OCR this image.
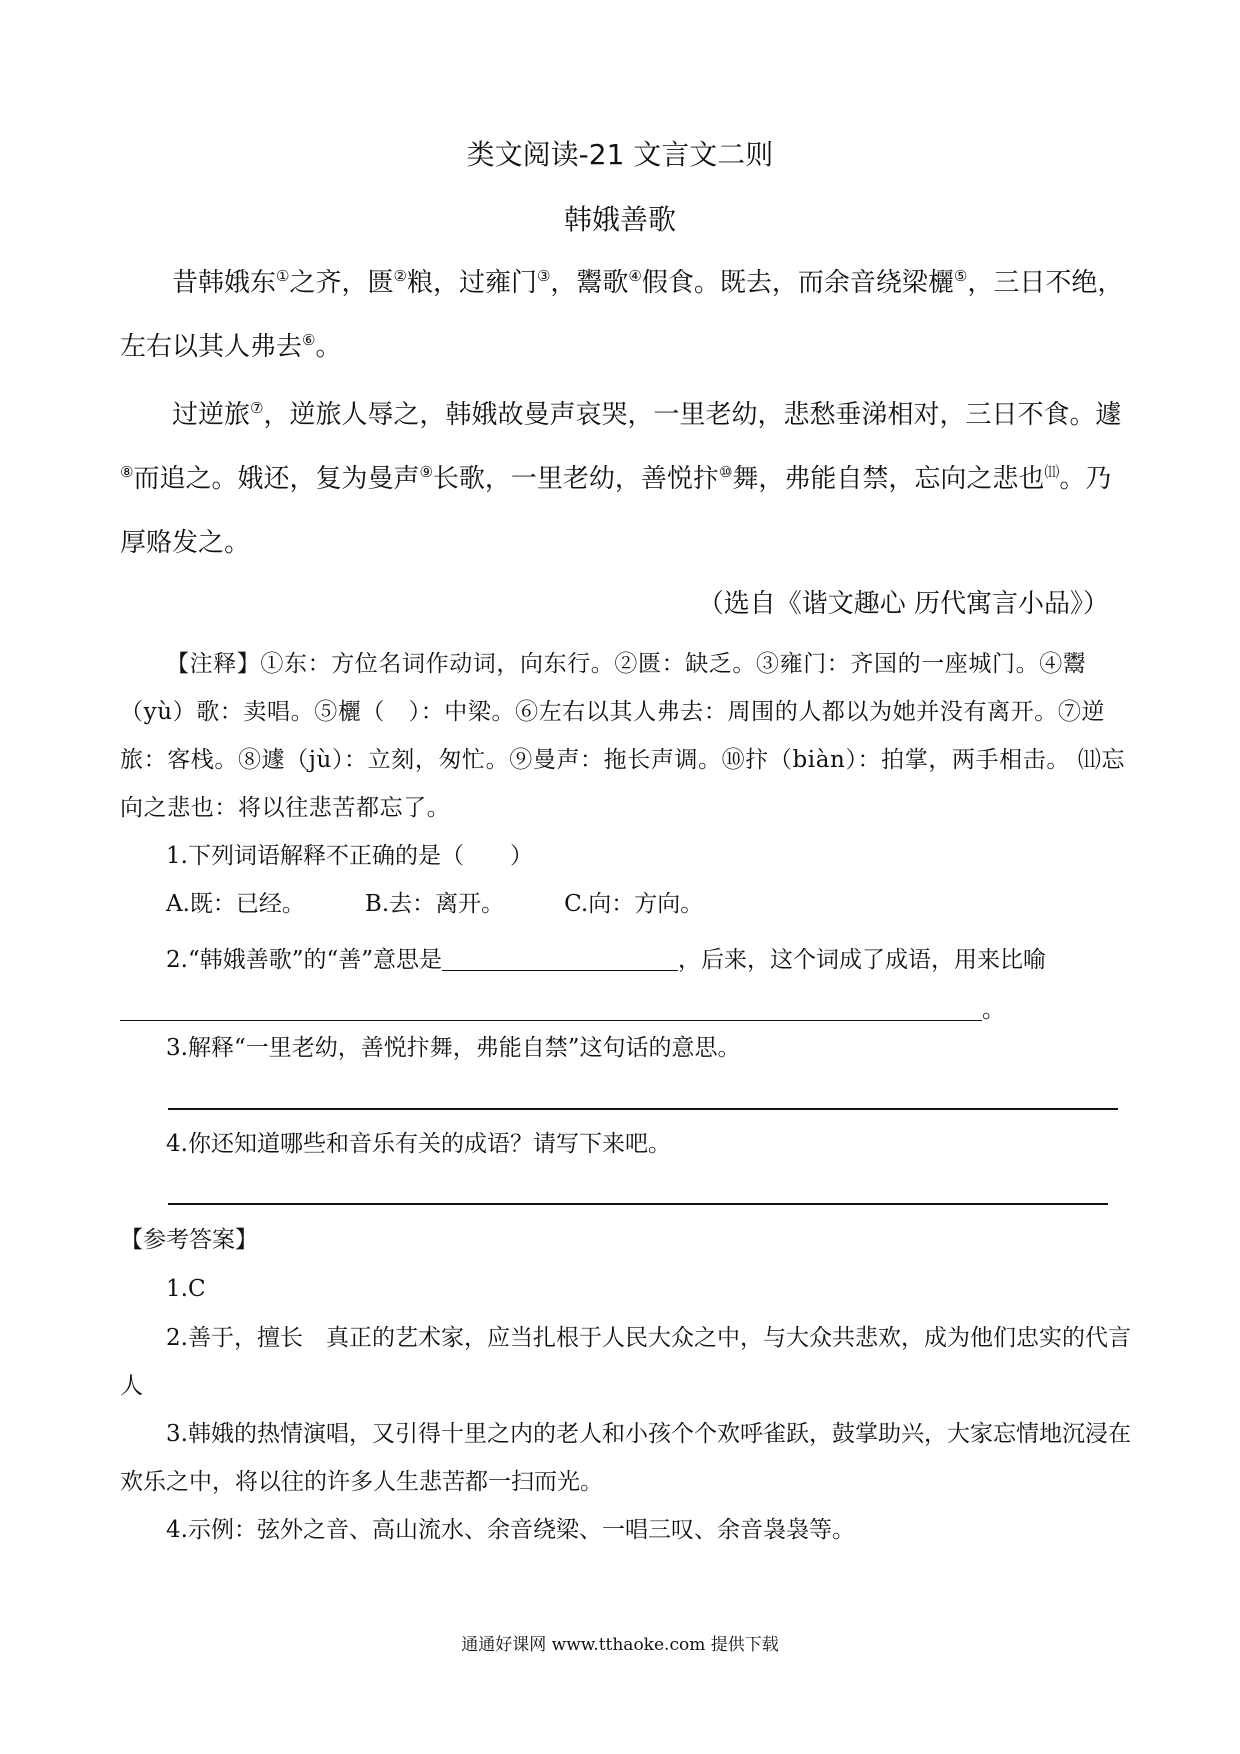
类文阅读-21 文言文二则
韩娥善歌

昔韩娥东①之齐，匮②粮，过雍门③，鬻歌④假食。既去，而余音绕梁欐⑤，三日不绝，左右以其人弗去⑥。

过逆旅⑦，逆旅人辱之，韩娥故曼声哀哭，一里老幼，悲愁垂涕相对，三日不食。遽⑧而追之。娥还，复为曼声⑨长歌，一里老幼，善悦抃⑩舞，弗能自禁，忘向之悲也⑾。乃厚赂发之。

（选自《谐文趣心 历代寓言小品》）

【注释】①东：方位名词作动词，向东行。②匮：缺乏。③雍门：齐国的一座城门。④鬻（yù）歌：卖唱。⑤欐（　）：中梁。⑥左右以其人弗去：周围的人都以为她并没有离开。⑦逆旅：客栈。⑧遽（jù）：立刻，匆忙。⑨曼声：拖长声调。⑩抃（biàn）：拍掌，两手相击。 ⑾忘向之悲也：将以往悲苦都忘了。

1.下列词语解释不正确的是（　　）
A.既：已经。	B.去：离开。	C.向：方向。

2.“韩娥善歌”的“善”意思是	，后来，这个词成了成语，用来比喻。

3.解释“一里老幼，善悦抃舞，弗能自禁”这句话的意思。
4.你还知道哪些和音乐有关的成语？请写下来吧。
【参考答案】
1.C

2.善于，擅长　真正的艺术家，应当扎根于人民大众之中，与大众共悲欢，成为他们忠实的代言人

3.韩娥的热情演唱，又引得十里之内的老人和小孩个个欢呼雀跃，鼓掌助兴，大家忘情地沉浸在欢乐之中，将以往的许多人生悲苦都一扫而光。

4.示例：弦外之音、高山流水、余音绕梁、一唱三叹、余音袅袅等。

通通好课网 www.tthaoke.com 提供下载
